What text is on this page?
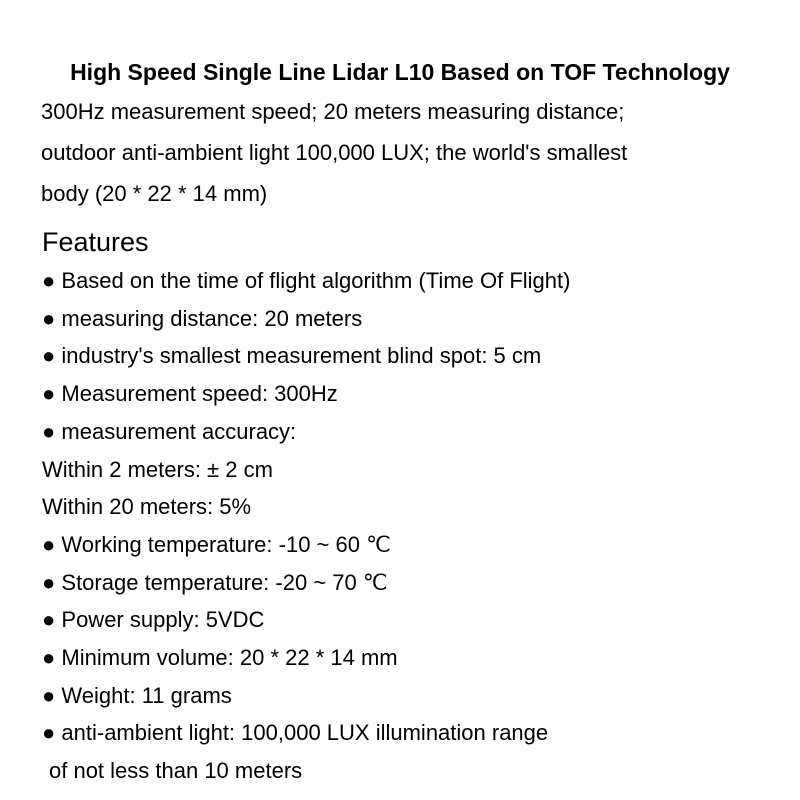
High Speed Single Line Lidar L10 Based on TOF Technology
300Hz measurement speed; 20 meters measuring distance;
outdoor anti-ambient light 100,000 LUX; the world's smallest
body (20 * 22 * 14 mm)
Features
● Based on the time of flight algorithm (Time Of Flight)
● measuring distance: 20 meters
● industry's smallest measurement blind spot: 5 cm
● Measurement speed: 300Hz
● measurement accuracy:
Within 2 meters: ± 2 cm
Within 20 meters: 5%
● Working temperature: -10 ~ 60 ℃
● Storage temperature: -20 ~ 70 ℃
● Power supply: 5VDC
● Minimum volume: 20 * 22 * 14 mm
● Weight: 11 grams
● anti-ambient light: 100,000 LUX illumination range
of not less than 10 meters
